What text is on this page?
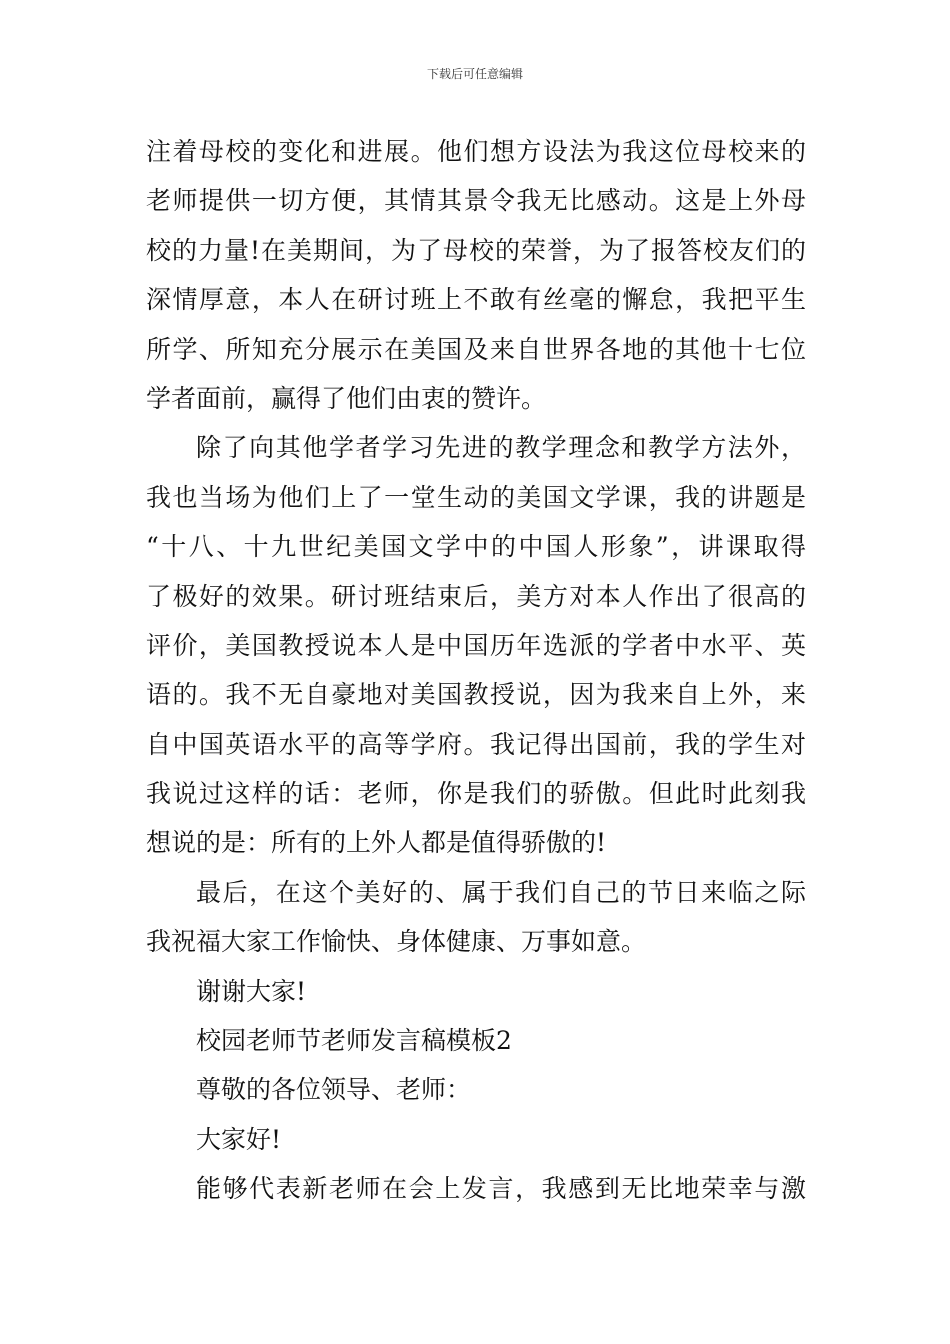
下载后可任意编辑
注着母校的变化和进展。他们想方设法为我这位母校来的
老师提供一切方便，其情其景令我无比感动。这是上外母
校的力量!在美期间，为了母校的荣誉，为了报答校友们的
深情厚意，本人在研讨班上不敢有丝毫的懈怠，我把平生
所学、所知充分展示在美国及来自世界各地的其他十七位
学者面前，赢得了他们由衷的赞许。
除了向其他学者学习先进的教学理念和教学方法外，
我也当场为他们上了一堂生动的美国文学课，我的讲题是
“十八、十九世纪美国文学中的中国人形象”，讲课取得
了极好的效果。研讨班结束后，美方对本人作出了很高的
评价，美国教授说本人是中国历年选派的学者中水平、英
语的。我不无自豪地对美国教授说，因为我来自上外，来
自中国英语水平的高等学府。我记得出国前，我的学生对
我说过这样的话：老师，你是我们的骄傲。但此时此刻我
想说的是：所有的上外人都是值得骄傲的!
最后，在这个美好的、属于我们自己的节日来临之际
我祝福大家工作愉快、身体健康、万事如意。
谢谢大家!
校园老师节老师发言稿模板2
尊敬的各位领导、老师：
大家好!
能够代表新老师在会上发言，我感到无比地荣幸与激
